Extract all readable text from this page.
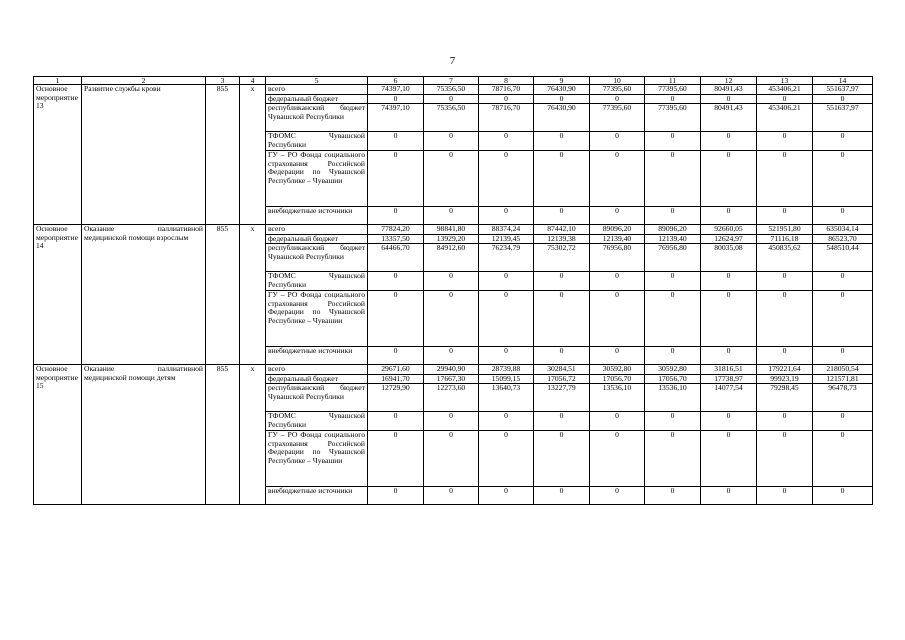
7
1	2	3	4	5	6	7	8	9	10	11	12	13	14
Основное мероприятие 13	Развитие службы крови	855	х	всего	74397,10	75356,50	78716,70	76430,90	77395,60	77395,60	80491,43	453406,21	551637,97
				федеральный бюджет	0	0	0	0	0	0	0	0	0
				республиканский бюджет Чувашской Республики	74397,10	75356,50	78716,70	76430,90	77395,60	77395,60	80491,43	453406,21	551637,97
				ТФОМС Чувашской Республики	0	0	0	0	0	0	0	0	0
				ГУ – РО Фонда социального страхования Российской Федерации по Чувашской Республике – Чувашии	0	0	0	0	0	0	0	0	0
				внебюджетные источники	0	0	0	0	0	0	0	0	0
Основное мероприятие 14	Оказание паллиативной медицинской помощи взрослым	855	х	всего	77824,20	98841,80	88374,24	87442,10	89096,20	89096,20	92660,05	521951,80	635034,14
				федеральный бюджет	13357,50	13929,20	12139,45	12139,38	12139,40	12139,40	12624,97	71116,18	86523,70
				республиканский бюджет Чувашской Республики	64466,70	84912,60	76234,79	75302,72	76956,80	76956,80	80035,08	450835,62	548510,44
				ТФОМС Чувашской Республики	0	0	0	0	0	0	0	0	0
				ГУ – РО Фонда социального страхования Российской Федерации по Чувашской Республике – Чувашии	0	0	0	0	0	0	0	0	0
				внебюджетные источники	0	0	0	0	0	0	0	0	0
Основное мероприятие 15	Оказание паллиативной медицинской помощи детям	855	х	всего	29671,60	29940,90	28739,88	30284,51	30592,80	30592,80	31816,51	179221,64	218050,54
				федеральный бюджет	16941,70	17667,30	15099,15	17056,72	17056,70	17056,70	17738,97	99923,19	121571,81
				республиканский бюджет Чувашской Республики	12729,90	12273,60	13640,73	13227,79	13536,10	13536,10	14077,54	79298,45	96478,73
				ТФОМС Чувашской Республики	0	0	0	0	0	0	0	0	0
				ГУ – РО Фонда социального страхования Российской Федерации по Чувашской Республике – Чувашии	0	0	0	0	0	0	0	0	0
				внебюджетные источники	0	0	0	0	0	0	0	0	0
